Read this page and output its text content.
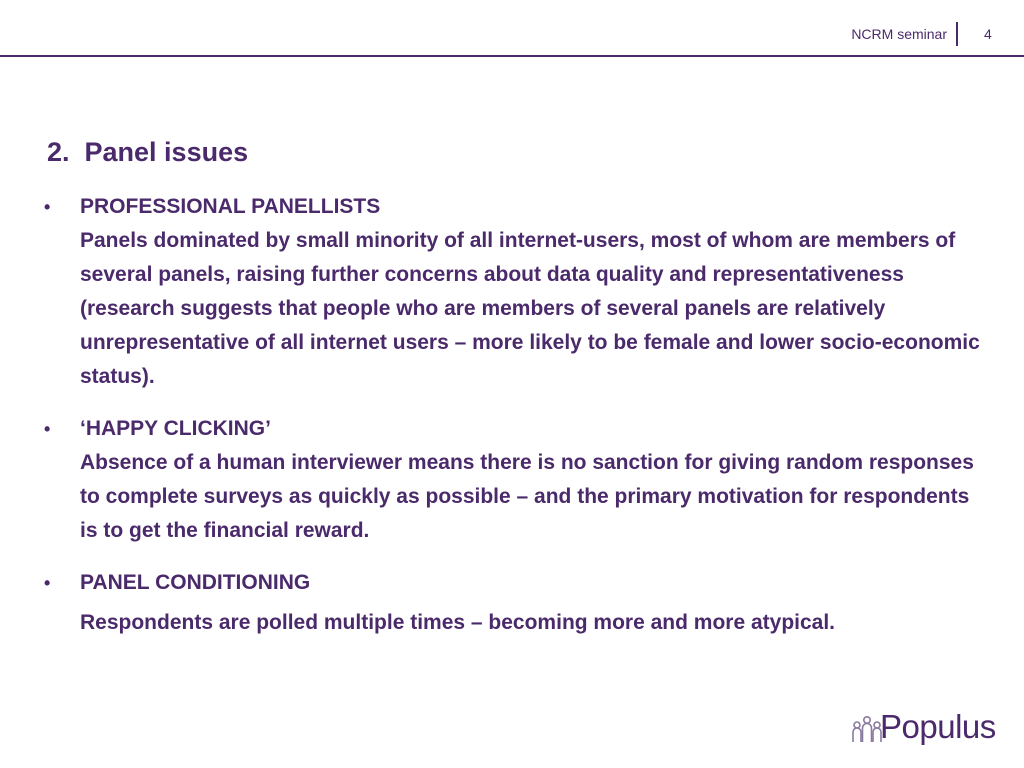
NCRM seminar	4
2.  Panel issues
• PROFESSIONAL PANELLISTS
Panels dominated by small minority of all internet-users, most of whom are members of several panels, raising further concerns about data quality and representativeness (research suggests that people who are members of several panels are relatively unrepresentative of all internet users – more likely to be female and lower socio-economic status).
• ‘HAPPY CLICKING’
Absence of a human interviewer means there is no sanction for giving random responses to complete surveys as quickly as possible – and the primary motivation for respondents is to get the financial reward.
• PANEL CONDITIONING
Respondents are polled multiple times – becoming more and more atypical.
Populus
